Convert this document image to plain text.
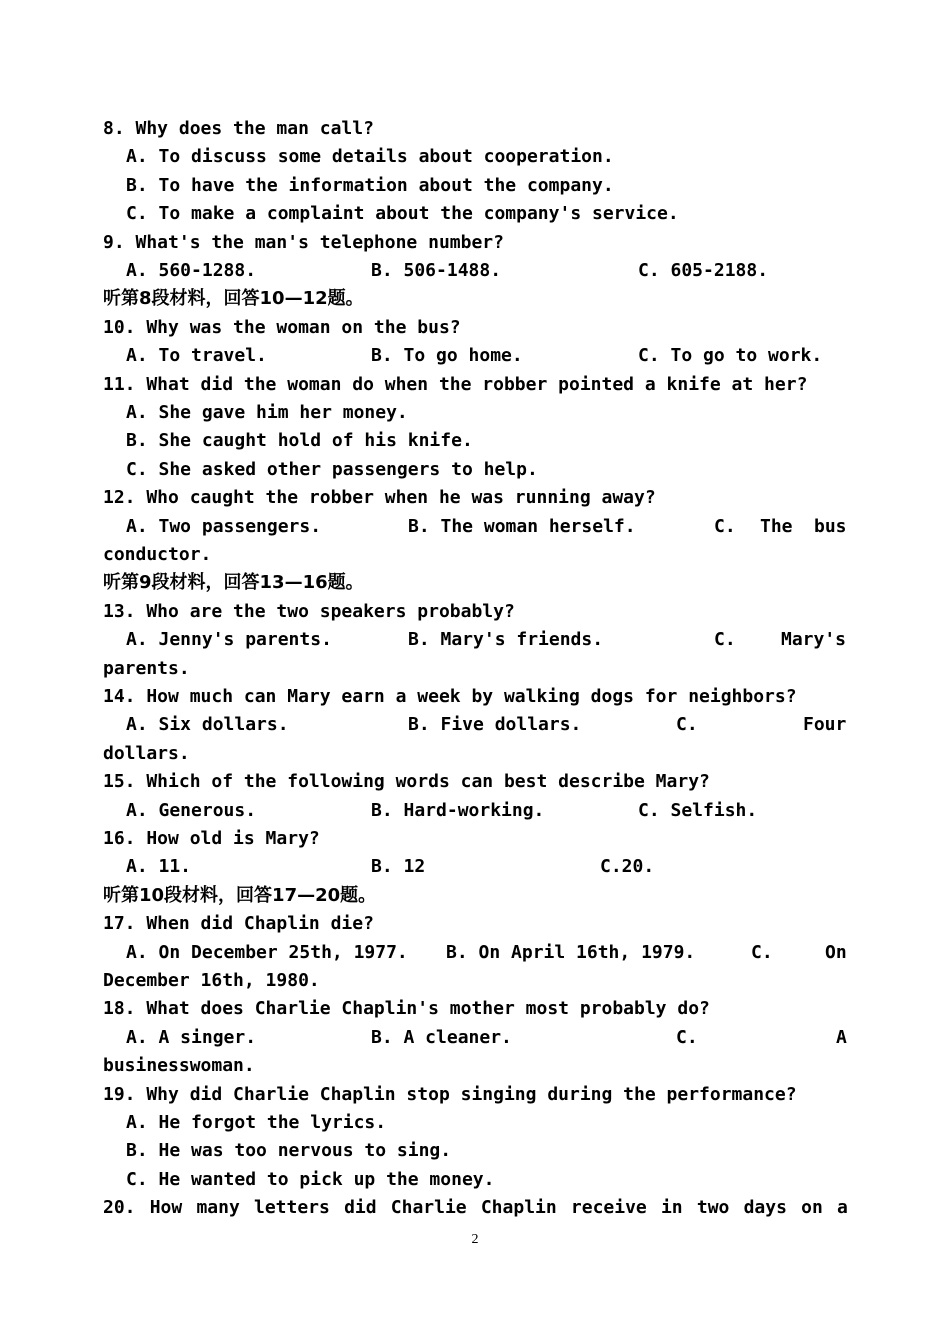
8. Why does the man call?
A. To discuss some details about cooperation.
B. To have the information about the company.
C. To make a complaint about the company's service.
9. What's the man's telephone number?

A. 560-1288.

	B. 506-1488.

	C. 605-2188.

听第8段材料，回答10—12题。
10. Why was the woman on the bus?

A. To travel.

	B. To go home.

	C. To go to work.

11. What did the woman do when the robber pointed a knife at her?
A. She gave him her money.
B. She caught hold of his knife.
C. She asked other passengers to help.
12. Who caught the robber when he was running away?

A. Two passengers.

	B. The woman herself.

	C.

The

bus

conductor.
听第9段材料，回答13—16题。
13. Who are the two speakers probably?

A. Jenny's parents.

	B. Mary's friends.

	C.

	Mary's

parents.
14. How much can Mary earn a week by walking dogs for neighbors?

A. Six dollars.

	B. Five dollars.

	C.

	Four

dollars.
15. Which of the following words can best describe Mary?

A. Generous.

	B. Hard-working.

	C. Selfish.

16. How old is Mary?

A. 11.

	B. 12

	C.20.

听第10段材料，回答17—20题。
17. When did Chaplin die?

A. On December 25th, 1977.

B. On April 16th, 1979.

	C.

	On

December 16th, 1980.
18. What does Charlie Chaplin's mother most probably do?

A. A singer.

	B. A cleaner.

	C.

	A

businesswoman.
19. Why did Charlie Chaplin stop singing during the performance?
A. He forgot the lyrics.
B. He was too nervous to sing.
C. He wanted to pick up the money.
20. How many letters did Charlie Chaplin receive in two days on a
2
